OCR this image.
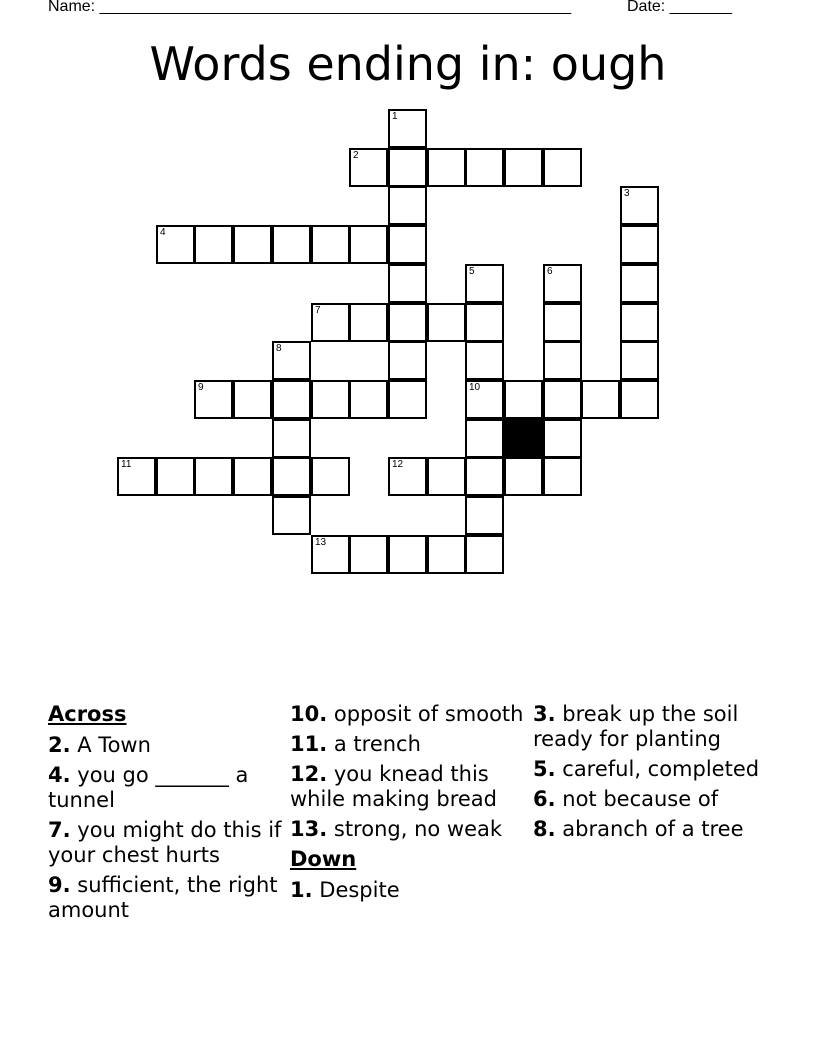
Name: _____________________________________________________	Date: _______
Words ending in: ough
1
2
3
4
5	6
7
8
9	10
11	12
13
Across
2. A Town
4. you go _______ a tunnel
7. you might do this if your chest hurts
9. sufficient, the right amount
10. opposit of smooth
11. a trench
12. you knead this while making bread
13. strong, no weak
Down
1. Despite
3. break up the soil ready for planting
5. careful, completed
6. not because of
8. abranch of a tree
